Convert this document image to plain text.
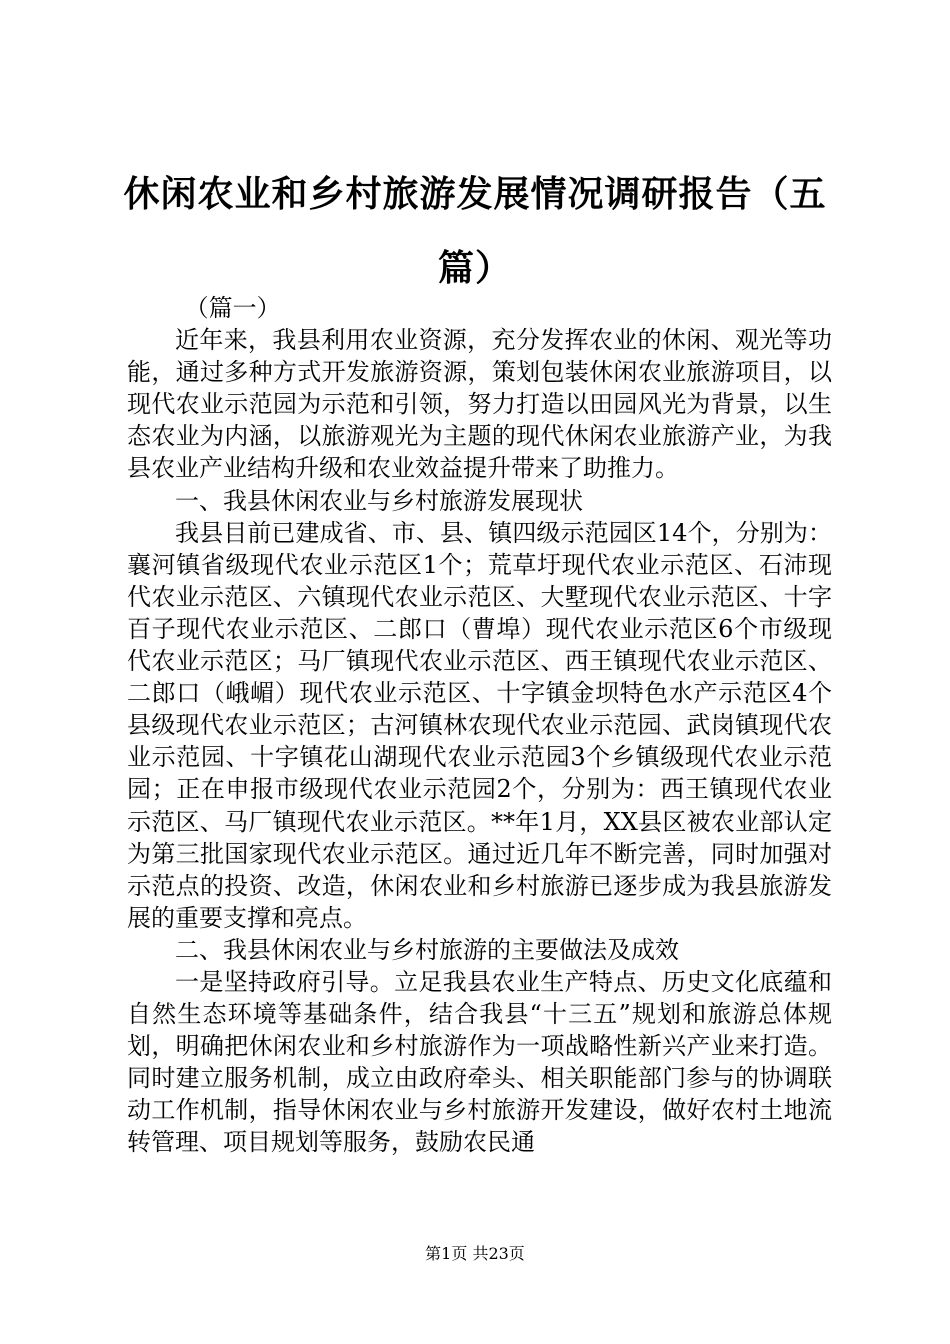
休闲农业和乡村旅游发展情况调研报告（五篇）

（篇一）

近年来，我县利用农业资源，充分发挥农业的休闲、观光等功能，通过多种方式开发旅游资源，策划包装休闲农业旅游项目，以现代农业示范园为示范和引领，努力打造以田园风光为背景，以生态农业为内涵，以旅游观光为主题的现代休闲农业旅游产业，为我县农业产业结构升级和农业效益提升带来了助推力。

一、我县休闲农业与乡村旅游发展现状

我县目前已建成省、市、县、镇四级示范园区14个，分别为：襄河镇省级现代农业示范区1个；荒草圩现代农业示范区、石沛现代农业示范区、六镇现代农业示范区、大墅现代农业示范区、十字百子现代农业示范区、二郎口（曹埠）现代农业示范区6个市级现代农业示范区；马厂镇现代农业示范区、西王镇现代农业示范区、二郎口（峨嵋）现代农业示范区、十字镇金坝特色水产示范区4个县级现代农业示范区；古河镇林农现代农业示范园、武岗镇现代农业示范园、十字镇花山湖现代农业示范园3个乡镇级现代农业示范园；正在申报市级现代农业示范园2个，分别为：西王镇现代农业示范区、马厂镇现代农业示范区。**年1月，XX县区被农业部认定为第三批国家现代农业示范区。通过近几年不断完善，同时加强对示范点的投资、改造，休闲农业和乡村旅游已逐步成为我县旅游发展的重要支撑和亮点。

二、我县休闲农业与乡村旅游的主要做法及成效

一是坚持政府引导。立足我县农业生产特点、历史文化底蕴和自然生态环境等基础条件，结合我县“十三五”规划和旅游总体规划，明确把休闲农业和乡村旅游作为一项战略性新兴产业来打造。同时建立服务机制，成立由政府牵头、相关职能部门参与的协调联动工作机制，指导休闲农业与乡村旅游开发建设，做好农村土地流转管理、项目规划等服务，鼓励农民通

第1页 共23页
